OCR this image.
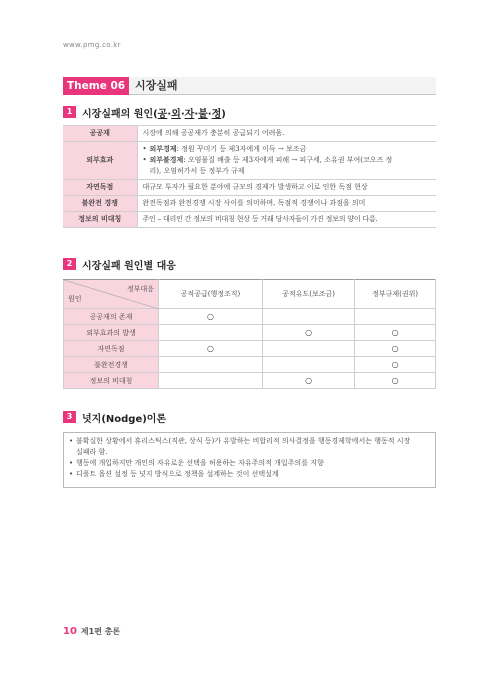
www.pmg.co.kr
Theme 06 시장실패
1 시장실패의 원인(공·외·자·불·정)
공공재	시장에 의해 공공재가 충분히 공급되기 어려움.
외부효과	• 외부경제: 정원 꾸미기 등 제3자에게 이득 → 보조금
• 외부불경제: 오염물질 배출 등 제3자에게 피해 → 피구세, 소유권 부여(코오즈 정
리), 오염허가서 등 정부가 규제

자연독점	대규모 투자가 필요한 분야에 규모의 경제가 발생하고 이로 인한 독점 현상
불완전 경쟁	완전독점과 완전경쟁 시장 사이를 의미하며, 독점적 경쟁이나 과점을 의미
정보의 비대칭	주인 – 대리인 간 정보의 비대칭 현상 등 거래 당사자들이 가진 정보의 양이 다름.
2 시장실패 원인별 대응
정부대응
원인	공적공급(행정조직)	공적유도(보조금)	정부규제(권위)
공공재의 존재	○		
외부효과의 발생		○	○
자연독점	○		○
불완전경쟁			○
정보의 비대칭		○	○
3 넛지(Nodge)이론
• 불확실한 상황에서 휴리스틱스(직관, 상식 등)가 유발하는 비합리적 의사결정을 행동경제학에서는 행동적 시장
실패라 함.
• 행동에 개입하지만 개인의 자유로운 선택을 허용하는 자유주의적 개입주의를 지향
• 디폴트 옵션 설정 등 넛지 방식으로 정책을 설계하는 것이 선택설계
10 제1편 총론
